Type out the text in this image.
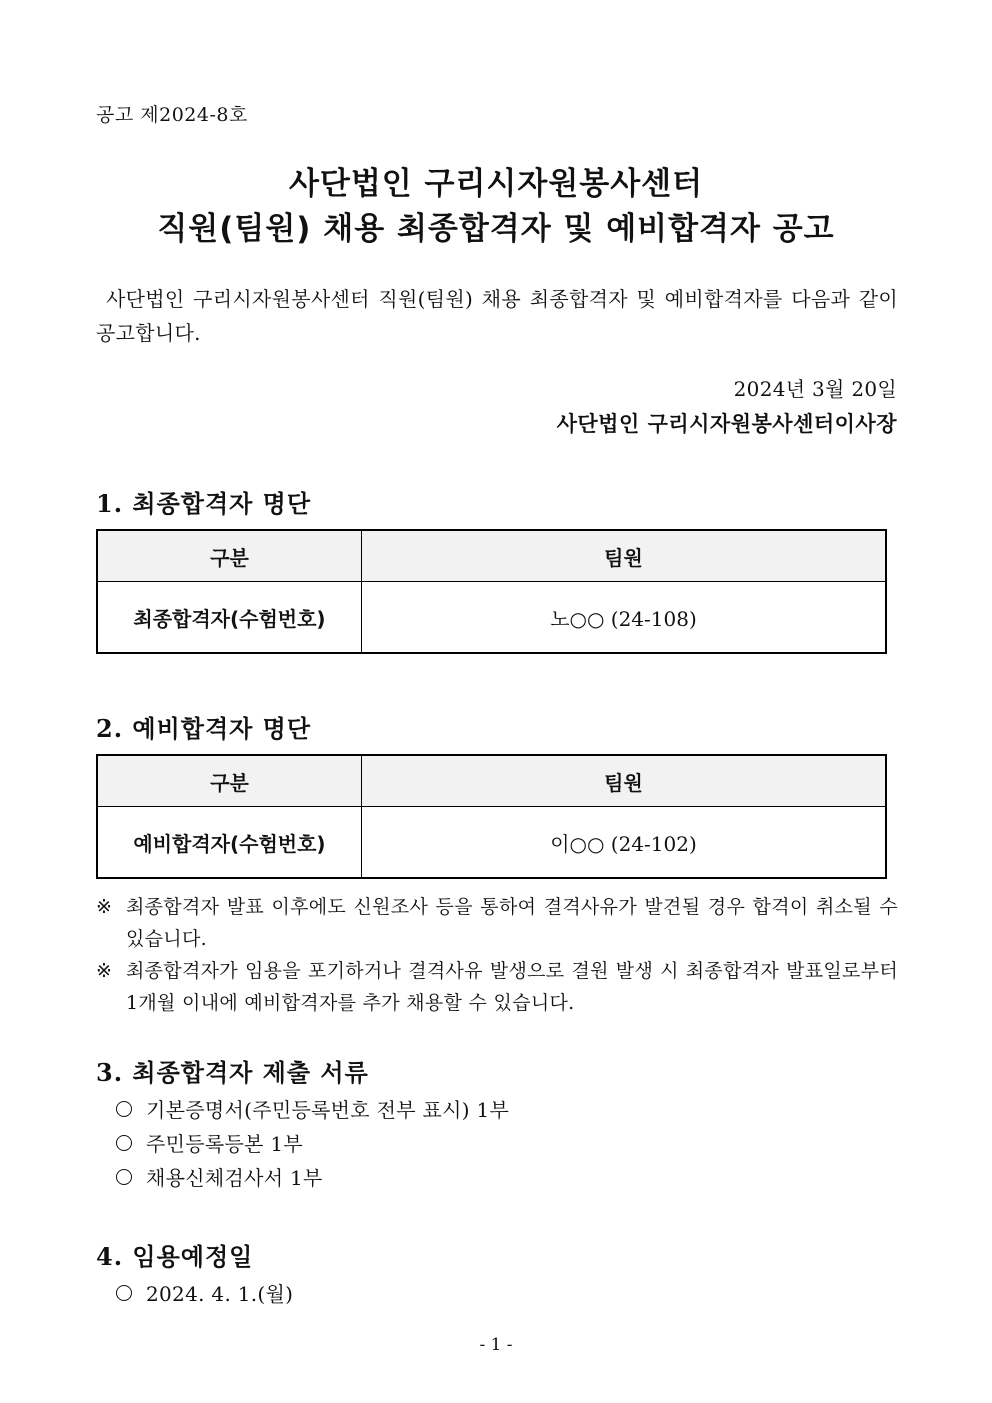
공고 제2024-8호
사단법인 구리시자원봉사센터
직원(팀원) 채용 최종합격자 및 예비합격자 공고
사단법인 구리시자원봉사센터 직원(팀원) 채용 최종합격자 및 예비합격자를 다음과 같이 공고합니다.
2024년 3월 20일
사단법인 구리시자원봉사센터이사장
1. 최종합격자 명단
구분	팀원
최종합격자(수험번호)	노○○ (24-108)
2. 예비합격자 명단
구분	팀원
예비합격자(수험번호)	이○○ (24-102)
※ 최종합격자 발표 이후에도 신원조사 등을 통하여 결격사유가 발견될 경우 합격이 취소될 수 있습니다.
※ 최종합격자가 임용을 포기하거나 결격사유 발생으로 결원 발생 시 최종합격자 발표일로부터 1개월 이내에 예비합격자를 추가 채용할 수 있습니다.
3. 최종합격자 제출 서류
기본증명서(주민등록번호 전부 표시) 1부
주민등록등본 1부
채용신체검사서 1부
4. 임용예정일
2024. 4. 1.(월)
- 1 -
